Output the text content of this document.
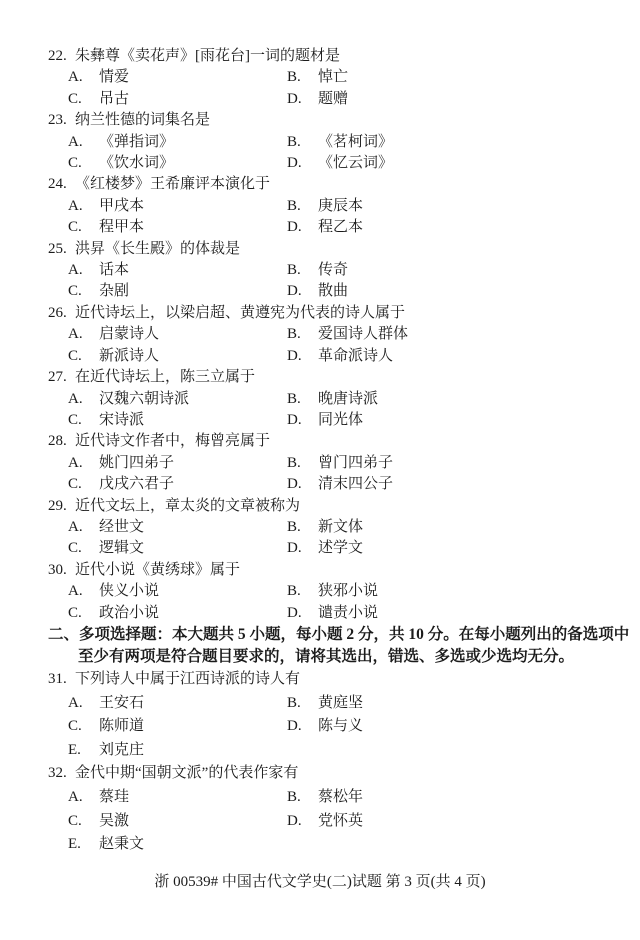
22. 朱彝尊《卖花声》[雨花台]一词的题材是
A.	情爱	B.	悼亡
C.	吊古	D.	题赠
23. 纳兰性德的词集名是
A.	《弹指词》	B.	《茗柯词》
C.	《饮水词》	D.	《忆云词》
24. 《红楼梦》王希廉评本演化于
A.	甲戌本	B.	庚辰本
C.	程甲本	D.	程乙本
25. 洪昇《长生殿》的体裁是
A.	话本	B.	传奇
C.	杂剧	D.	散曲
26. 近代诗坛上，以梁启超、黄遵宪为代表的诗人属于
A.	启蒙诗人	B.	爱国诗人群体
C.	新派诗人	D.	革命派诗人
27. 在近代诗坛上，陈三立属于
A.	汉魏六朝诗派	B.	晚唐诗派
C.	宋诗派	D.	同光体
28. 近代诗文作者中，梅曾亮属于
A.	姚门四弟子	B.	曾门四弟子
C.	戊戌六君子	D.	清末四公子
29. 近代文坛上，章太炎的文章被称为
A.	经世文	B.	新文体
C.	逻辑文	D.	述学文
30. 近代小说《黄绣球》属于
A.	侠义小说	B.	狭邪小说
C.	政治小说	D.	谴责小说
二、多项选择题：本大题共 5 小题，每小题 2 分，共 10 分。在每小题列出的备选项中
至少有两项是符合题目要求的，请将其选出，错选、多选或少选均无分。
31. 下列诗人中属于江西诗派的诗人有
A.	王安石	B.	黄庭坚
C.	陈师道	D.	陈与义
E.	刘克庄
32. 金代中期“国朝文派”的代表作家有
A.	蔡珪	B.	蔡松年
C.	吴激	D.	党怀英
E.	赵秉文
浙 00539# 中国古代文学史(二)试题 第 3 页(共 4 页)
